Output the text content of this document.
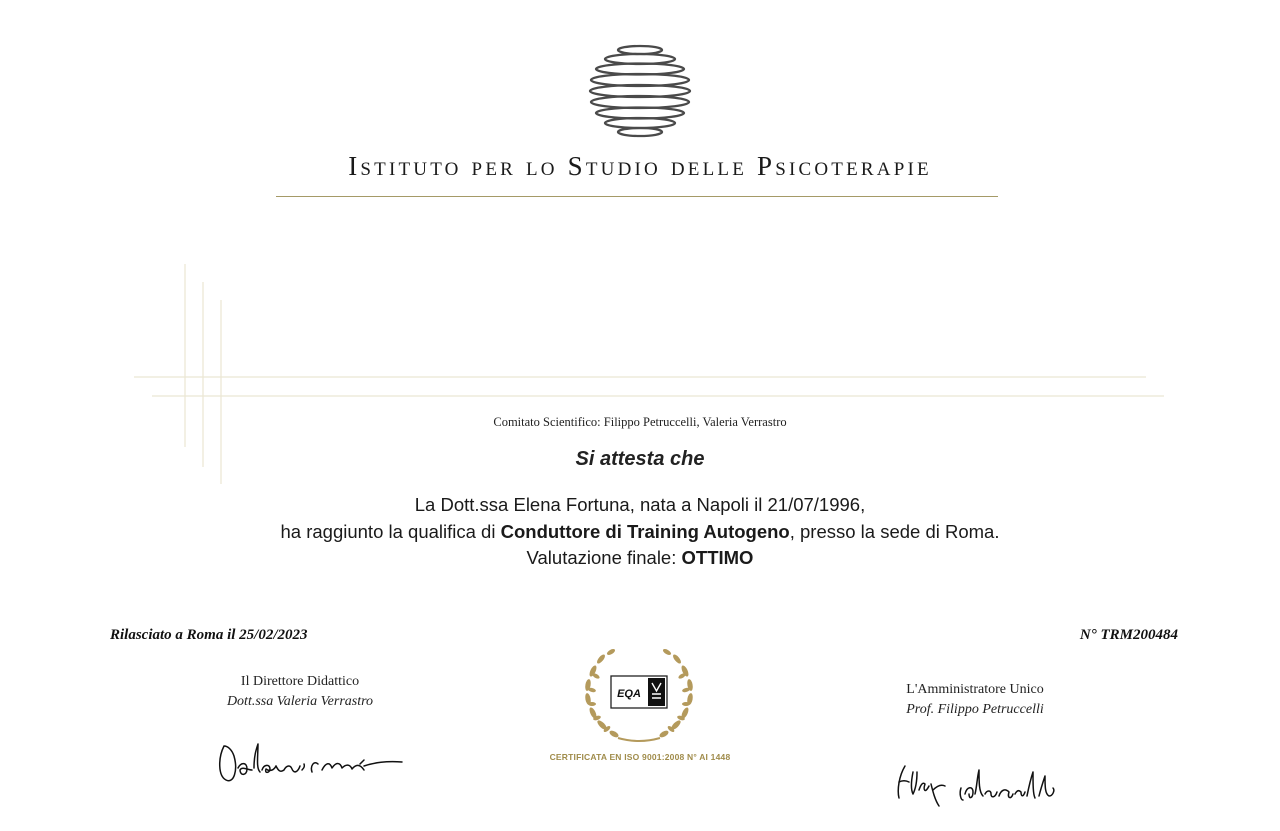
Istituto per lo Studio delle Psicoterapie
Comitato Scientifico: Filippo Petruccelli, Valeria Verrastro
Si attesta che
La Dott.ssa Elena Fortuna, nata a Napoli il 21/07/1996,
ha raggiunto la qualifica di Conduttore di Training Autogeno, presso la sede di Roma.
Valutazione finale: OTTIMO
Rilasciato a Roma il 25/02/2023	N° TRM200484
Il Direttore Didattico
Dott.ssa Valeria Verrastro
L'Amministratore Unico
Prof. Filippo Petruccelli
EQA
CERTIFICATA EN ISO 9001:2008 N° AI 1448
